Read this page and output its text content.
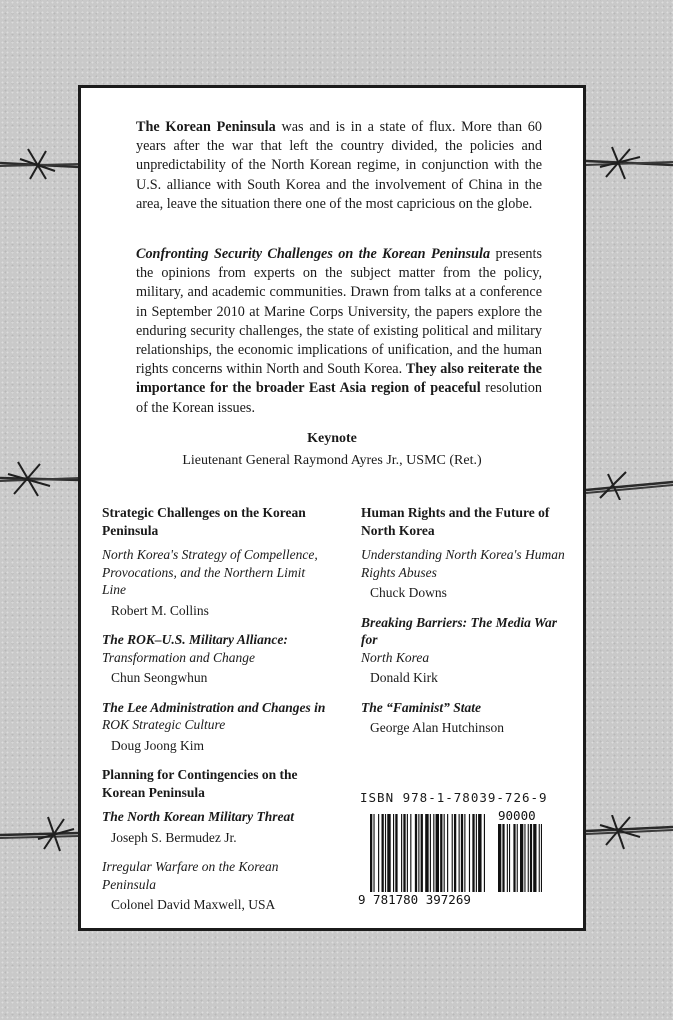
The Korean Peninsula was and is in a state of flux. More than 60 years after the war that left the country divided, the policies and unpredictability of the North Korean regime, in conjunction with the U.S. alliance with South Korea and the involvement of China in the area, leave the situation there one of the most capricious on the globe.

Confronting Security Challenges on the Korean Peninsula presents the opinions from experts on the subject matter from the policy, military, and academic communities. Drawn from talks at a conference in September 2010 at Marine Corps University, the papers explore the enduring security challenges, the state of existing political and military relationships, the economic implications of unification, and the human rights concerns within North and South Korea. They also reiterate the importance for the broader East Asia region of peaceful resolution of the Korean issues.

Keynote
Lieutenant General Raymond Ayres Jr., USMC (Ret.)
Strategic Challenges on the Korean Peninsula

North Korea's Strategy of Compellence, Provocations, and the Northern Limit Line

Robert M. Collins

The ROK–U.S. Military Alliance:

Transformation and Change

Chun Seongwhun

The Lee Administration and Changes in

ROK Strategic Culture

Doug Joong Kim

Planning for Contingencies on the Korean Peninsula

The North Korean Military Threat

Joseph S. Bermudez Jr.

Irregular Warfare on the Korean Peninsula

Colonel David Maxwell, USA

Human Rights and the Future of North Korea

Understanding North Korea's Human Rights Abuses

Chuck Downs

Breaking Barriers: The Media War for

North Korea

Donald Kirk

The “Faminist” State

George Alan Hutchinson

ISBN 978-1-78039-726-9
9 781780 397269
90000
